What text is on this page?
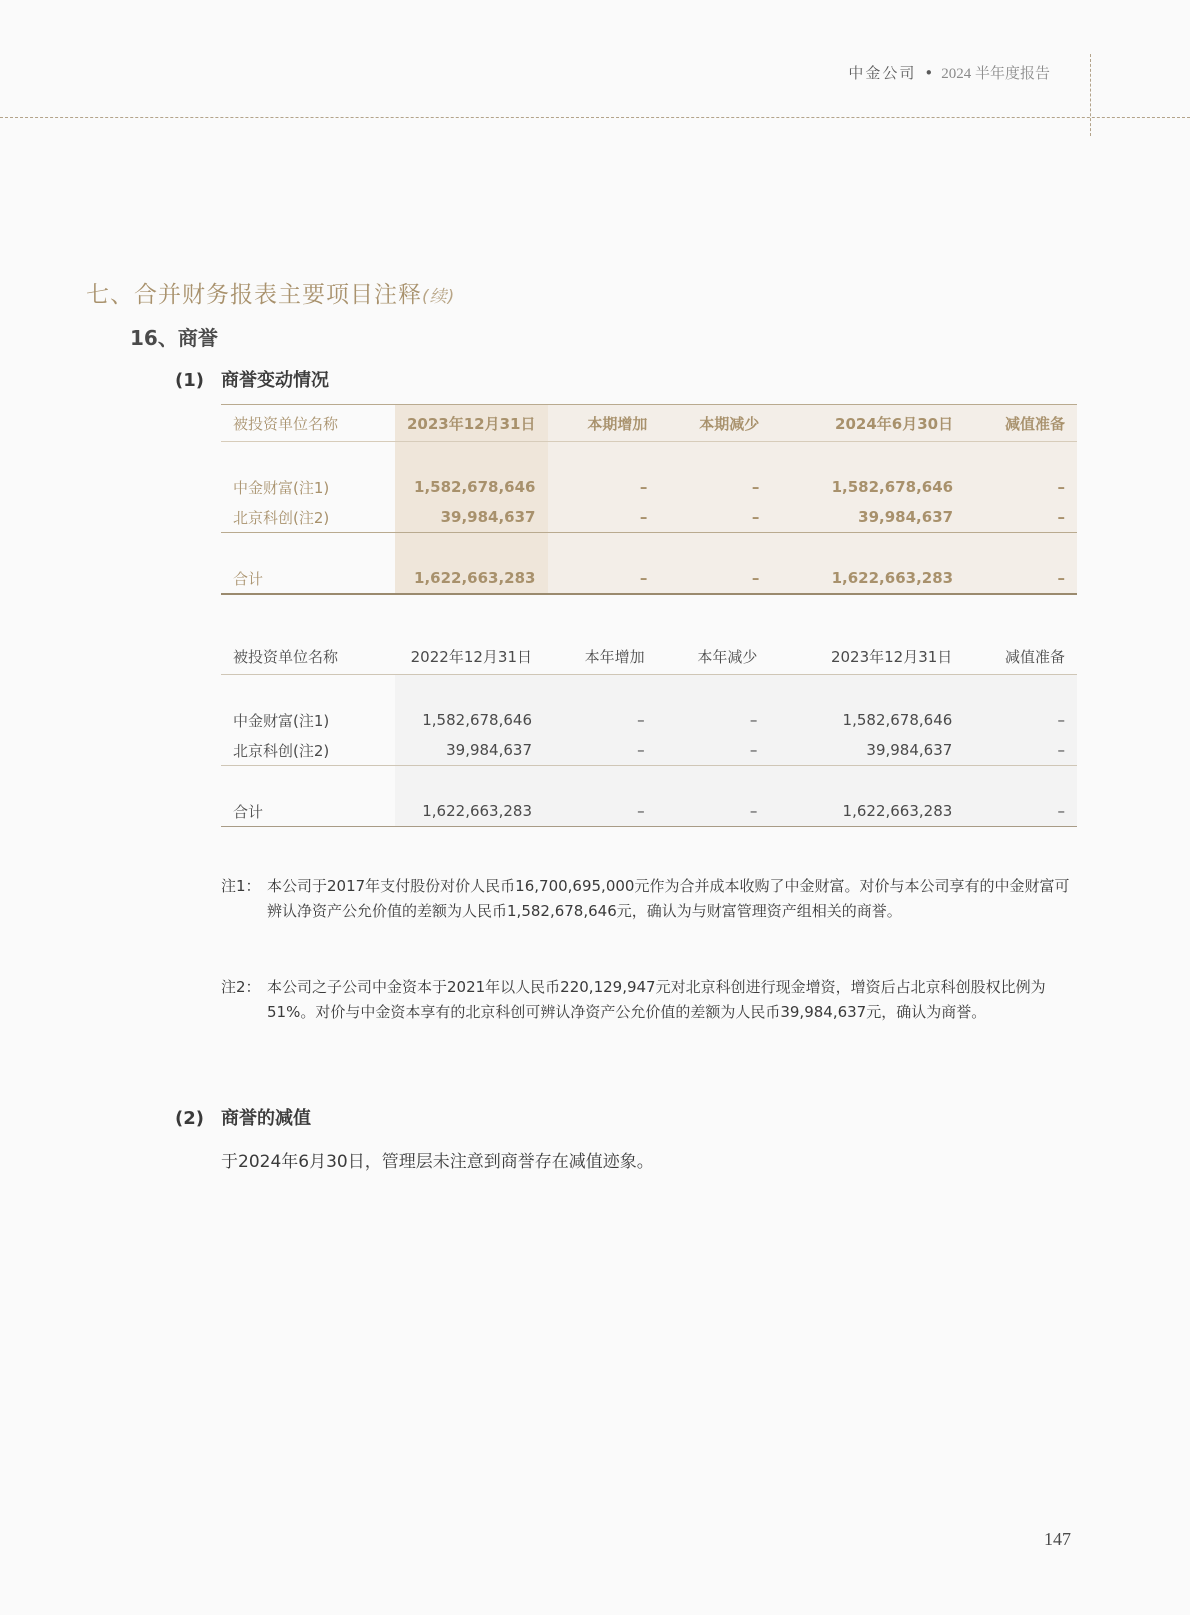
中金公司 • 2024 半年度报告
七、合并财务报表主要项目注释(续)
16、商誉
(1) 商誉变动情况
被投资单位名称	2023年12月31日	本期增加	本期减少	2024年6月30日	减值准备

中金财富(注1)	1,582,678,646	–	–	1,582,678,646	–
北京科创(注2)	39,984,637	–	–	39,984,637	–

合计	1,622,663,283	–	–	1,622,663,283	–
被投资单位名称	2022年12月31日	本年增加	本年减少	2023年12月31日	减值准备

中金财富(注1)	1,582,678,646	–	–	1,582,678,646	–
北京科创(注2)	39,984,637	–	–	39,984,637	–

合计	1,622,663,283	–	–	1,622,663,283	–
注1： 本公司于2017年支付股份对价人民币16,700,695,000元作为合并成本收购了中金财富。对价与本公司享有的中金财富可辨认净资产公允价值的差额为人民币1,582,678,646元，确认为与财富管理资产组相关的商誉。
注2： 本公司之子公司中金资本于2021年以人民币220,129,947元对北京科创进行现金增资，增资后占北京科创股权比例为51%。对价与中金资本享有的北京科创可辨认净资产公允价值的差额为人民币39,984,637元，确认为商誉。
(2) 商誉的减值
于2024年6月30日，管理层未注意到商誉存在减值迹象。
147
